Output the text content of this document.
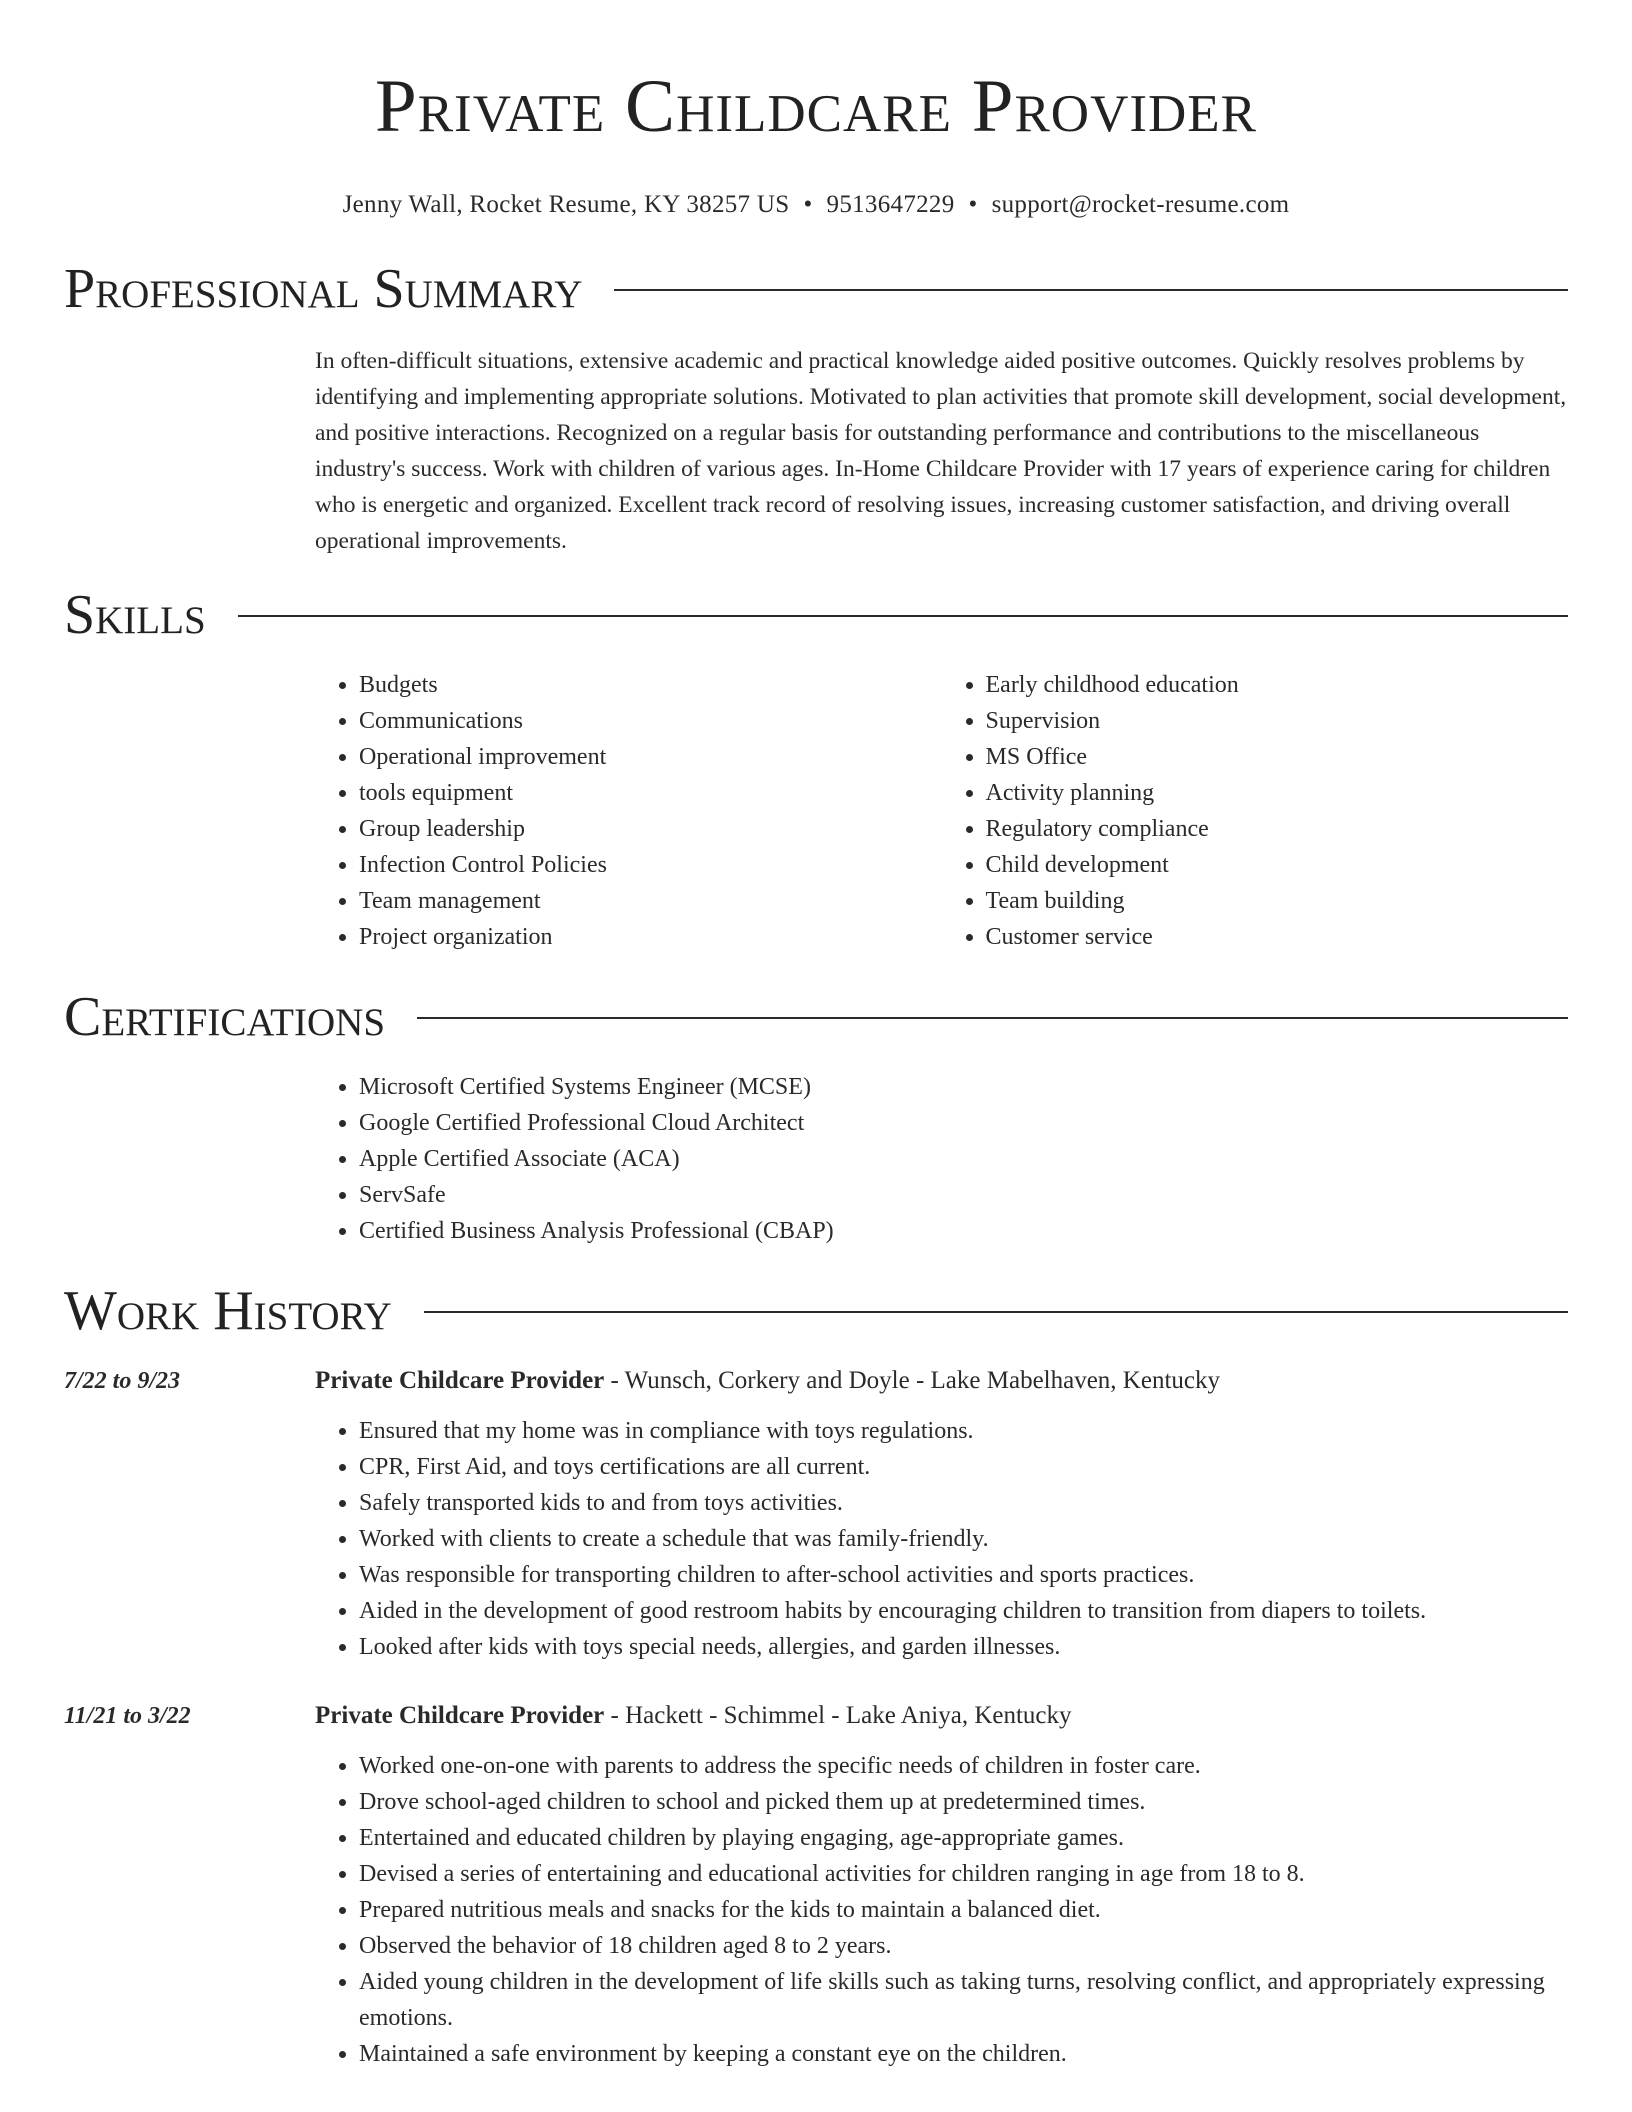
Private Childcare Provider
Jenny Wall, Rocket Resume, KY 38257 US • 9513647229 • support@rocket-resume.com
Professional Summary

In often-difficult situations, extensive academic and practical knowledge aided positive outcomes. Quickly resolves problems by identifying and implementing appropriate solutions. Motivated to plan activities that promote skill development, social development, and positive interactions. Recognized on a regular basis for outstanding performance and contributions to the miscellaneous industry's success. Work with children of various ages. In-Home Childcare Provider with 17 years of experience caring for children who is energetic and organized. Excellent track record of resolving issues, increasing customer satisfaction, and driving overall operational improvements.

Skills
• Budgets
• Communications
• Operational improvement
• tools equipment
• Group leadership
• Infection Control Policies
• Team management
• Project organization
• Early childhood education
• Supervision
• MS Office
• Activity planning
• Regulatory compliance
• Child development
• Team building
• Customer service
Certifications
• Microsoft Certified Systems Engineer (MCSE)
• Google Certified Professional Cloud Architect
• Apple Certified Associate (ACA)
• ServSafe
• Certified Business Analysis Professional (CBAP)
Work History
7/22 to 9/23	Private Childcare Provider - Wunsch, Corkery and Doyle - Lake Mabelhaven, Kentucky
• Ensured that my home was in compliance with toys regulations.
• CPR, First Aid, and toys certifications are all current.
• Safely transported kids to and from toys activities.
• Worked with clients to create a schedule that was family-friendly.
• Was responsible for transporting children to after-school activities and sports practices.
• Aided in the development of good restroom habits by encouraging children to transition from diapers to toilets.
• Looked after kids with toys special needs, allergies, and garden illnesses.
11/21 to 3/22	Private Childcare Provider - Hackett - Schimmel - Lake Aniya, Kentucky
• Worked one-on-one with parents to address the specific needs of children in foster care.
• Drove school-aged children to school and picked them up at predetermined times.
• Entertained and educated children by playing engaging, age-appropriate games.
• Devised a series of entertaining and educational activities for children ranging in age from 18 to 8.
• Prepared nutritious meals and snacks for the kids to maintain a balanced diet.
• Observed the behavior of 18 children aged 8 to 2 years.
• Aided young children in the development of life skills such as taking turns, resolving conflict, and appropriately expressing emotions.
• Maintained a safe environment by keeping a constant eye on the children.
